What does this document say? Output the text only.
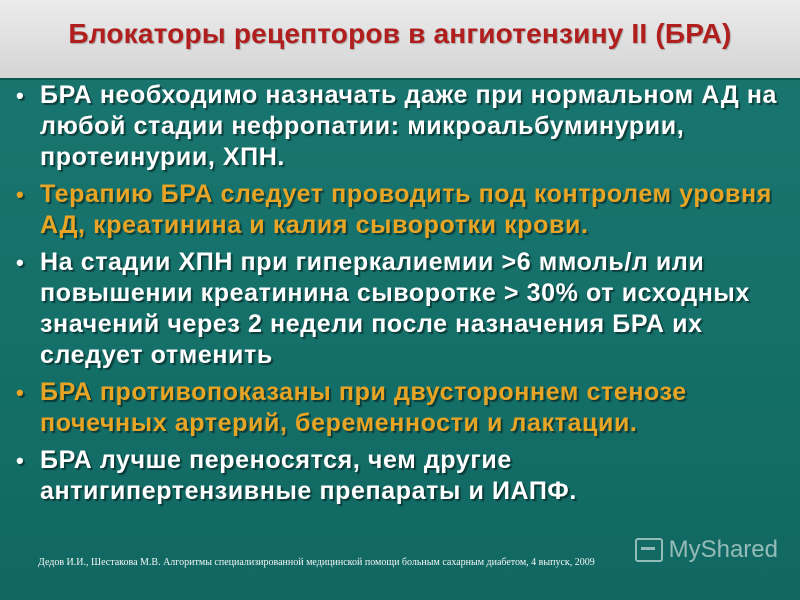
Блокаторы рецепторов в ангиотензину II (БРА)
• БРА необходимо назначать даже при нормальном АД на любой стадии нефропатии: микроальбуминурии, протеинурии, ХПН.
• Терапию БРА следует проводить под контролем уровня АД, креатинина и калия сыворотки крови.
• На стадии ХПН при гиперкалиемии >6 ммоль/л или повышении креатинина сыворотке > 30% от исходных значений через 2 недели после назначения БРА их следует отменить
• БРА противопоказаны при двустороннем стенозе почечных артерий, беременности и лактации.
• БРА лучше переносятся, чем другие антигипертензивные препараты и ИАПФ.
MyShared
Дедов И.И., Шестакова М.В. Алгоритмы специализированной медицинской помощи больным сахарным диабетом, 4 выпуск, 2009
